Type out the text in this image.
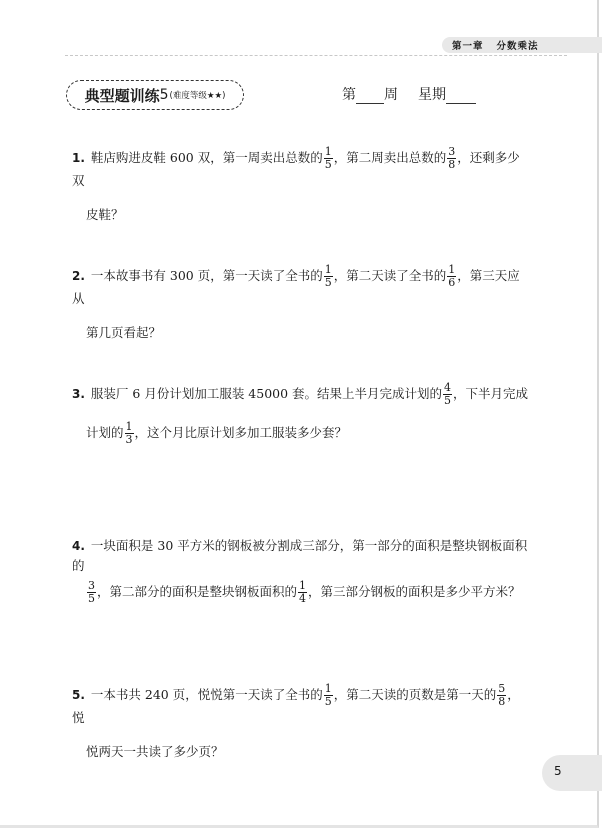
第一章 分数乘法
典型题训练 5 (难度等级★★)	第 周 星期
1. 鞋店购进皮鞋 600 双，第一周卖出总数的 $\frac{1}{5}$ ，第二周卖出总数的 $\frac{3}{8}$ ，还剩多少双
皮鞋？
2. 一本故事书有 300 页，第一天读了全书的 $\frac{1}{5}$ ，第二天读了全书的 $\frac{1}{6}$ ，第三天应从
第几页看起？
3. 服装厂 6 月份计划加工服装 45000 套。结果上半月完成计划的 $\frac{4}{5}$ ，下半月完成
计划的 $\frac{1}{3}$ ，这个月比原计划多加工服装多少套？
4. 一块面积是 30 平方米的钢板被分割成三部分，第一部分的面积是整块钢板面积的
$\frac{3}{5}$ ，第二部分的面积是整块钢板面积的 $\frac{1}{4}$ ，第三部分钢板的面积是多少平方米？
5. 一本书共 240 页，悦悦第一天读了全书的 $\frac{1}{5}$ ，第二天读的页数是第一天的 $\frac{5}{8}$ ，悦
悦两天一共读了多少页？
5
